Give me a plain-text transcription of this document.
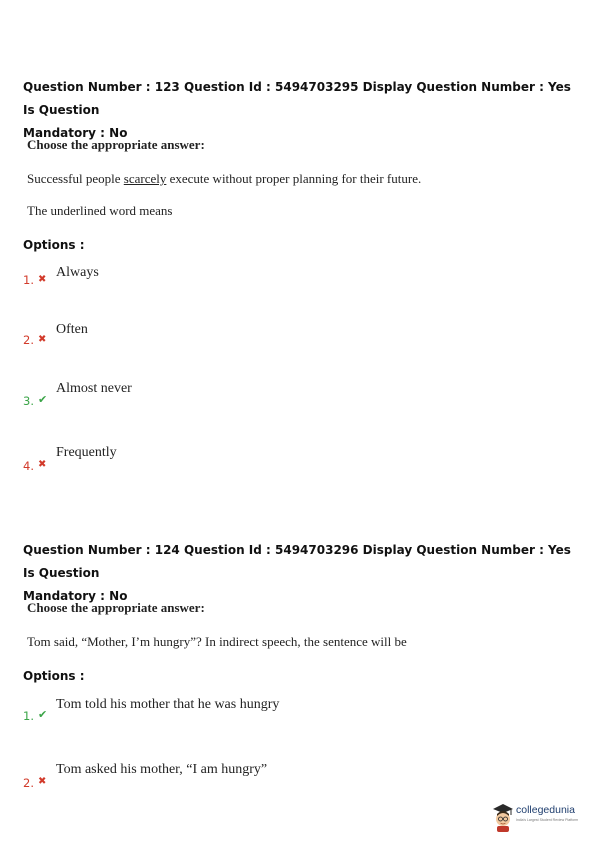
Question Number : 123 Question Id : 5494703295 Display Question Number : Yes Is Question

Mandatory : No

Choose the appropriate answer:
Successful people scarcely execute without proper planning for their future.
The underlined word means
Options :
1. ✖ Always
2. ✖
Often
3. ✔
Almost never
4. ✖
Frequently

Question Number : 124 Question Id : 5494703296 Display Question Number : Yes Is Question

Mandatory : No

Choose the appropriate answer:
Tom said, “Mother, I’m hungry”? In indirect speech, the sentence will be
Options :
1. ✔
Tom told his mother that he was hungry
2. ✖
Tom asked his mother, “I am hungry”
collegedunia
India's Largest Student Review Platform
